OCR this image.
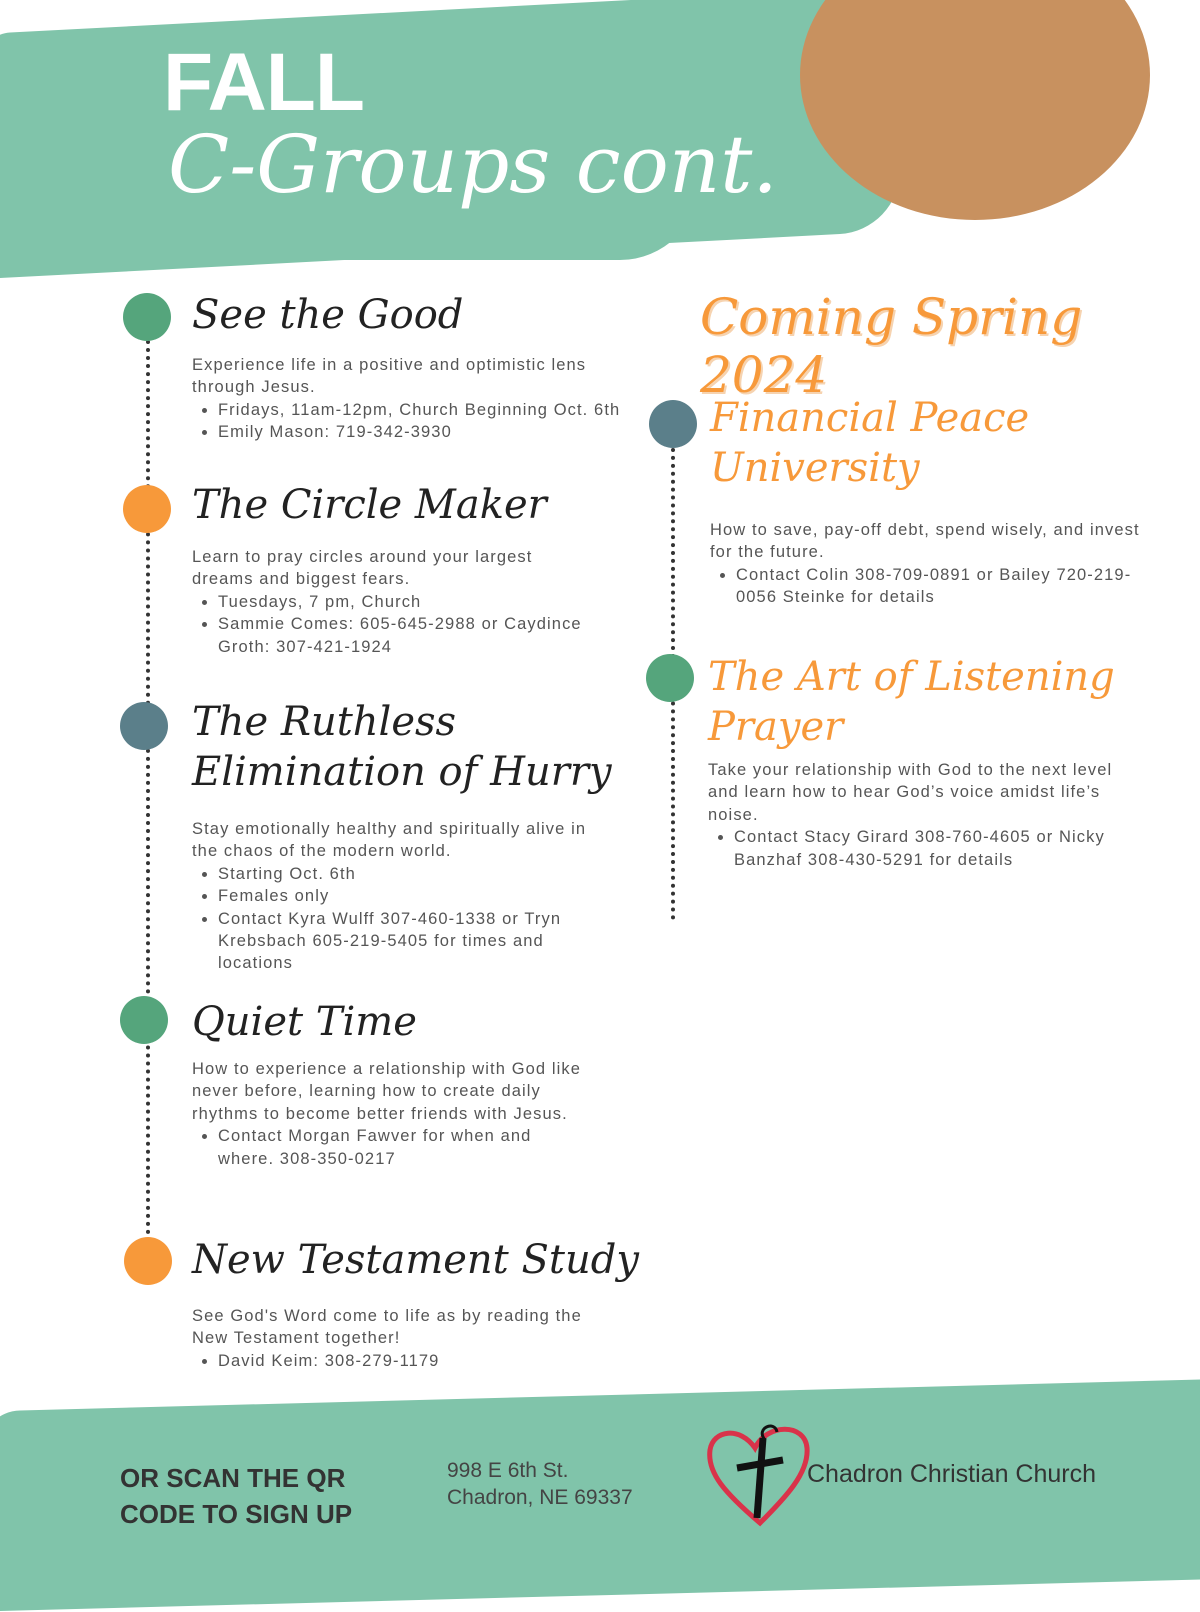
FALL
C-Groups cont.
See the Good
Experience life in a positive and optimistic lens through Jesus.
• Fridays, 11am-12pm, Church Beginning Oct. 6th
• Emily Mason: 719-342-3930
The Circle Maker
Learn to pray circles around your largest dreams and biggest fears.
• Tuesdays, 7 pm, Church
• Sammie Comes: 605-645-2988 or Caydince Groth: 307-421-1924
The Ruthless
Elimination of Hurry
Stay emotionally healthy and spiritually alive in the chaos of the modern world.
• Starting Oct. 6th
• Females only
• Contact Kyra Wulff 307-460-1338 or Tryn Krebsbach 605-219-5405 for times and locations
Quiet Time
How to experience a relationship with God like never before, learning how to create daily rhythms to become better friends with Jesus.
• Contact Morgan Fawver for when and where. 308-350-0217
New Testament Study
See God's Word come to life as by reading the New Testament together!
• David Keim: 308-279-1179
Coming Spring 2024
Financial Peace
University
How to save, pay-off debt, spend wisely, and invest for the future.
• Contact Colin 308-709-0891 or Bailey 720-219-0056 Steinke for details
The Art of Listening
Prayer
Take your relationship with God to the next level and learn how to hear God’s voice amidst life’s noise.
• Contact Stacy Girard 308-760-4605 or Nicky Banzhaf 308-430-5291 for details
OR SCAN THE QR
CODE TO SIGN UP
998 E 6th St.
Chadron, NE 69337
Chadron Christian Church
